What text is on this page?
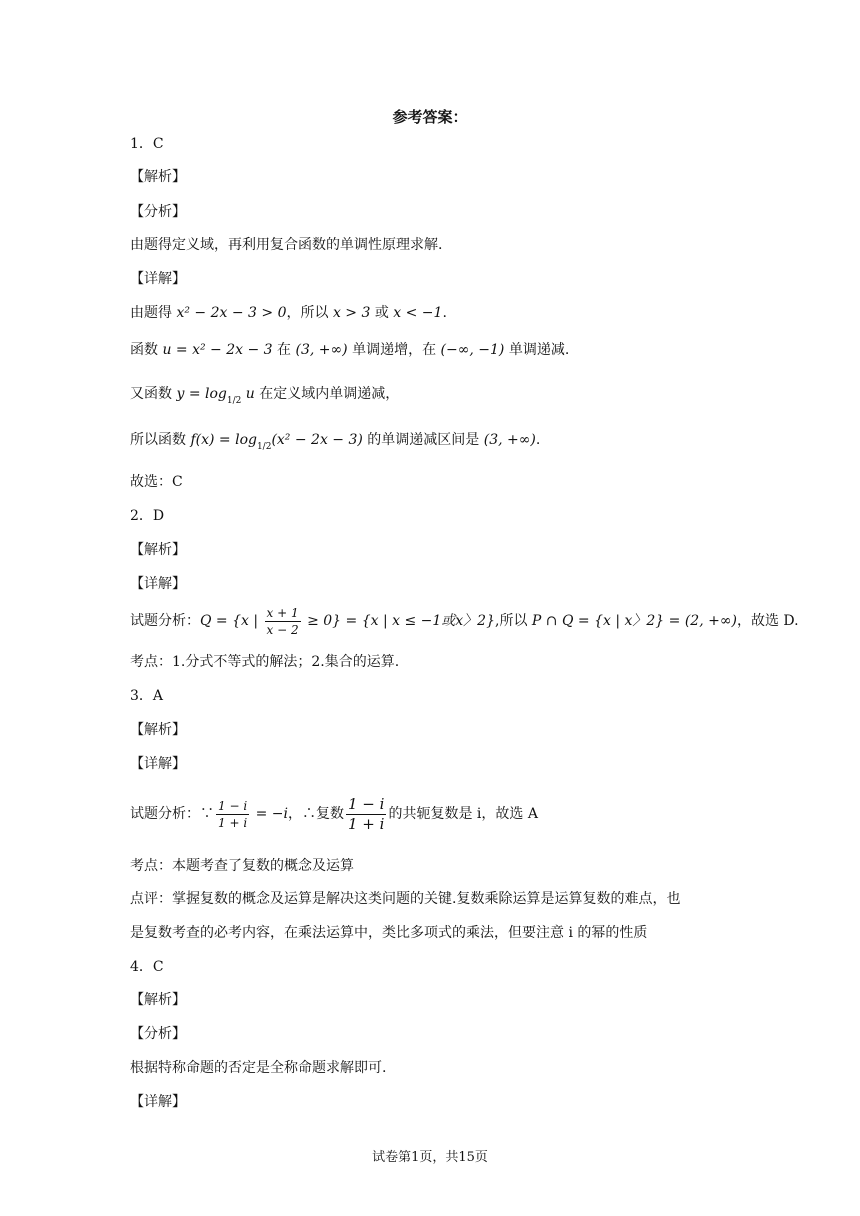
参考答案：
1．C
【解析】
【分析】
由题得定义域，再利用复合函数的单调性原理求解.
【详解】
由题得 x² − 2x − 3 > 0，所以 x > 3 或 x < −1.
函数 u = x² − 2x − 3 在 (3, +∞) 单调递增，在 (−∞, −1) 单调递减.
又函数 $y = \log_{1/2} u$ 在定义域内单调递减，
所以函数 $f(x) = \log_{1/2}(x^2 - 2x - 3)$ 的单调递减区间是 (3, +∞).
故选：C
2．D
【解析】
【详解】
试题分析：Q = {x | $\frac{x + 1}{x - 2} \ge 0\} = \{x$ | x ≤ −1或x〉2},所以 P ∩ Q = {x | x〉2} = (2, +∞)，故选 D.
考点：1.分式不等式的解法；2.集合的运算.
3．A
【解析】
【详解】
试题分析：∵ $\frac{1 - i}{1 + i} = -i$，∴复数 $\frac{1 - i}{1 + i}$ 的共轭复数是 i，故选 A
考点：本题考查了复数的概念及运算
点评：掌握复数的概念及运算是解决这类问题的关键.复数乘除运算是运算复数的难点，也
是复数考查的必考内容，在乘法运算中，类比多项式的乘法，但要注意 i 的幂的性质
4．C
【解析】
【分析】
根据特称命题的否定是全称命题求解即可.
【详解】
试卷第1页，共15页
